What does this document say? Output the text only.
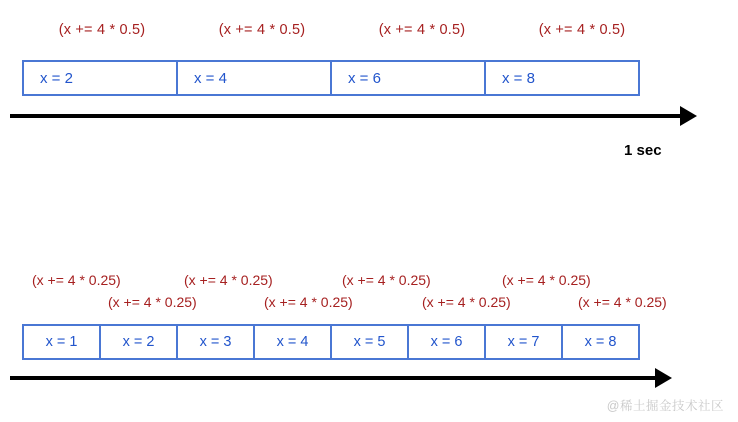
(x += 4 * 0.5)	(x += 4 * 0.5)	(x += 4 * 0.5)	(x += 4 * 0.5)
x = 2	x = 4	x = 6	x = 8
1 sec
(x += 4 * 0.25)	(x += 4 * 0.25)	(x += 4 * 0.25)	(x += 4 * 0.25)
(x += 4 * 0.25)	(x += 4 * 0.25)	(x += 4 * 0.25)	(x += 4 * 0.25)
x = 1	x = 2	x = 3	x = 4	x = 5	x = 6	x = 7	x = 8
@稀土掘金技术社区
